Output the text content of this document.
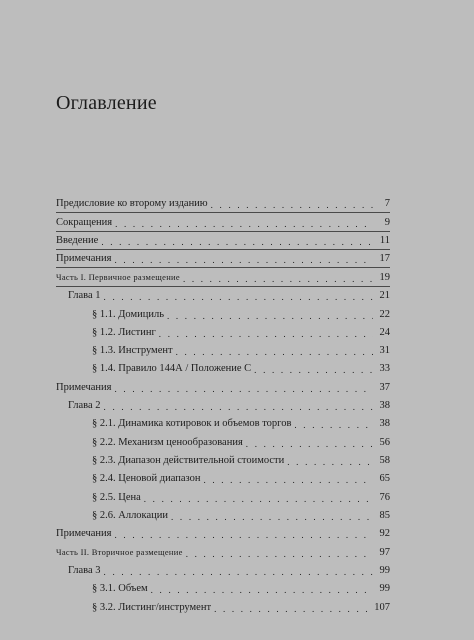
Оглавление
Предисловие ко второму изданию . . .	7
Сокращения . . .	9
Введение . . .	11
Примечания . . .	17
Часть I. Первичное размещение . . .	19
Глава 1 . . .	21
§ 1.1. Домициль . . .	22
§ 1.2. Листинг . . .	24
§ 1.3. Инструмент . . .	31
§ 1.4. Правило 144А / Положение С . . .	33
Примечания . . .	37
Глава 2 . . .	38
§ 2.1. Динамика котировок и объемов торгов . . .	38
§ 2.2. Механизм ценообразования . . .	56
§ 2.3. Диапазон действительной стоимости . . .	58
§ 2.4. Ценовой диапазон . . .	65
§ 2.5. Цена . . .	76
§ 2.6. Аллокации . . .	85
Примечания . . .	92
Часть II. Вторичное размещение . . .	97
Глава 3 . . .	99
§ 3.1. Объем . . .	99
§ 3.2. Листинг/инструмент . . .	107
